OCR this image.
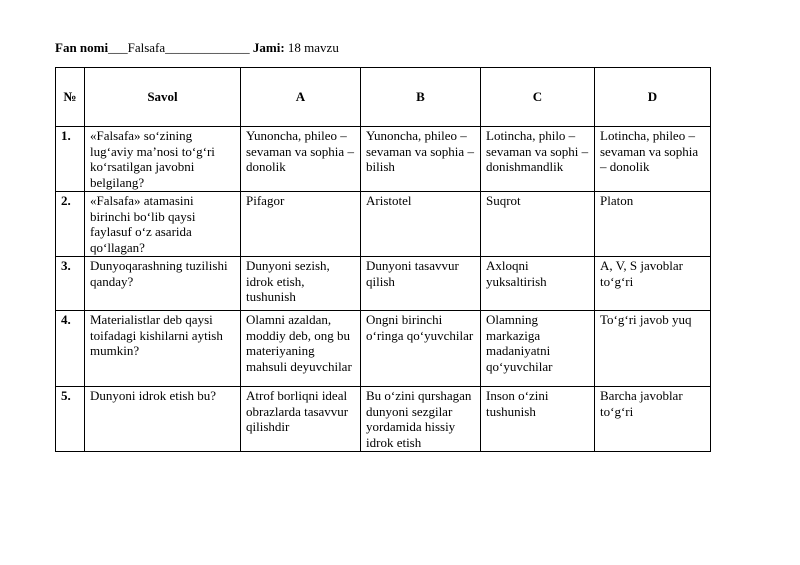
Fan nomi___Falsafa_____________ Jami: 18 mavzu
№	Savol	A	B	C	D
1.	«Falsafa» so‘zining lug‘aviy ma’nosi to‘g‘ri ko‘rsatilgan javobni belgilang?	Yunoncha, phileo – sevaman va sophia – donolik	Yunoncha, phileo – sevaman va sophia – bilish	Lotincha, philo – sevaman va sophi – donishmandlik	Lotincha, phileo – sevaman va sophia – donolik
2.	«Falsafa» atamasini birinchi bo‘lib qaysi faylasuf o‘z asarida qo‘llagan?	Pifagor	Aristotel	Suqrot	Platon
3.	Dunyoqarashning tuzilishi qanday?	Dunyoni sezish, idrok etish, tushunish	Dunyoni tasavvur qilish	Axloqni yuksaltirish	A, V, S javoblar to‘g‘ri
4.	Materialistlar deb qaysi toifadagi kishilarni aytish mumkin?	Olamni azaldan, moddiy deb, ong bu materiyaning mahsuli deyuvchilar	Ongni birinchi o‘ringa qo‘yuvchilar	Olamning markaziga madaniyatni qo‘yuvchilar	To‘g‘ri javob yuq
5.	Dunyoni idrok etish bu?	Atrof borliqni ideal obrazlarda tasavvur qilishdir	Bu o‘zini qurshagan dunyoni sezgilar yordamida hissiy idrok etish	Inson o‘zini tushunish	Barcha javoblar to‘g‘ri
